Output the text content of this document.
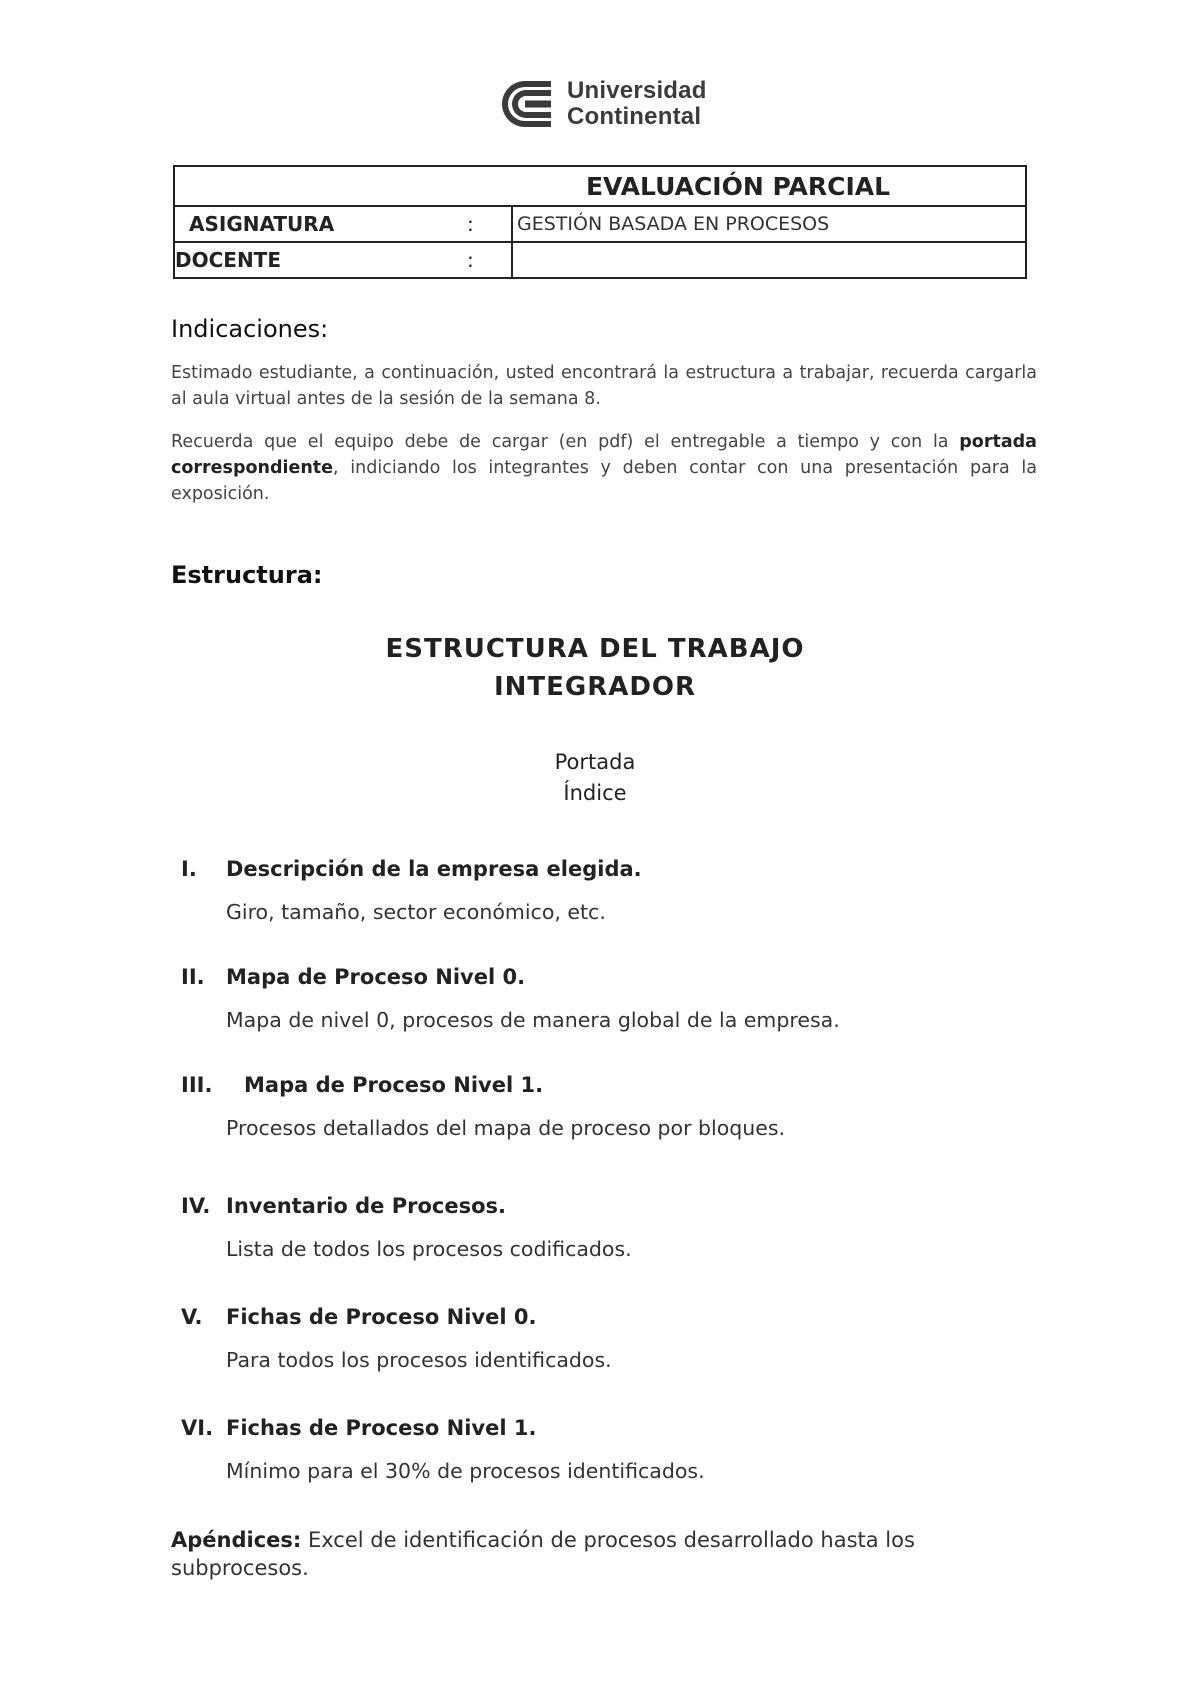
Universidad
Continental
EVALUACIÓN PARCIAL		
ASIGNATURA	:	GESTIÓN BASADA EN PROCESOS
DOCENTE	:	
Indicaciones:
Estimado estudiante, a continuación, usted encontrará la estructura a trabajar, recuerda cargarla al aula virtual antes de la sesión de la semana 8.
Recuerda que el equipo debe de cargar (en pdf) el entregable a tiempo y con la portada correspondiente, indiciando los integrantes y deben contar con una presentación para la exposición.
Estructura:
ESTRUCTURA DEL TRABAJO
INTEGRADOR
Portada
Índice
I. Descripción de la empresa elegida.
Giro, tamaño, sector económico, etc.
II. Mapa de Proceso Nivel 0.
Mapa de nivel 0, procesos de manera global de la empresa.
III. Mapa de Proceso Nivel 1.
Procesos detallados del mapa de proceso por bloques.
IV. Inventario de Procesos.
Lista de todos los procesos codificados.
V. Fichas de Proceso Nivel 0.
Para todos los procesos identificados.
VI. Fichas de Proceso Nivel 1.
Mínimo para el 30% de procesos identificados.
Apéndices: Excel de identificación de procesos desarrollado hasta los subprocesos.
